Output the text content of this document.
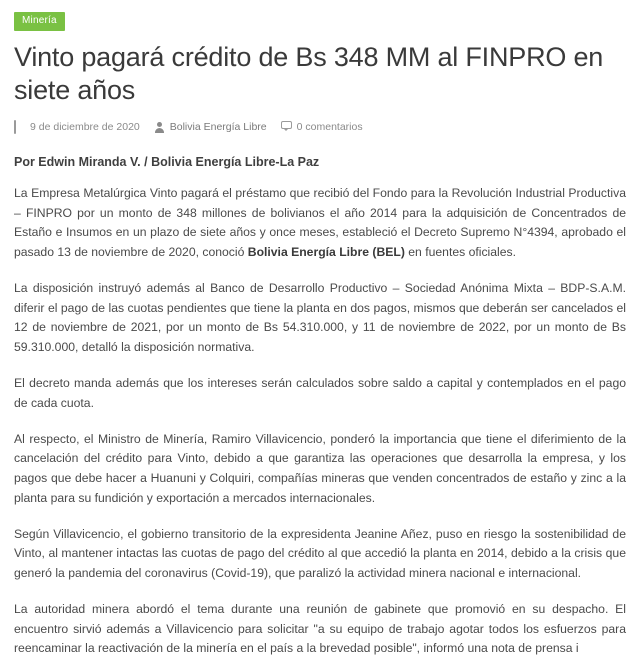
Minería
Vinto pagará crédito de Bs 348 MM al FINPRO en siete años
9 de diciembre de 2020	Bolivia Energía Libre	0 comentarios
Por Edwin Miranda V. / Bolivia Energía Libre-La Paz

La Empresa Metalúrgica Vinto pagará el préstamo que recibió del Fondo para la Revolución Industrial Productiva – FINPRO por un monto de 348 millones de bolivianos el año 2014 para la adquisición de Concentrados de Estaño e Insumos en un plazo de siete años y once meses, estableció el Decreto Supremo N°4394, aprobado el pasado 13 de noviembre de 2020, conoció Bolivia Energía Libre (BEL) en fuentes oficiales.

La disposición instruyó además al Banco de Desarrollo Productivo – Sociedad Anónima Mixta – BDP-S.A.M. diferir el pago de las cuotas pendientes que tiene la planta en dos pagos, mismos que deberán ser cancelados el 12 de noviembre de 2021, por un monto de Bs 54.310.000, y 11 de noviembre de 2022, por un monto de Bs 59.310.000, detalló la disposición normativa.

El decreto manda además que los intereses serán calculados sobre saldo a capital y contemplados en el pago de cada cuota.

Al respecto, el Ministro de Minería, Ramiro Villavicencio, ponderó la importancia que tiene el diferimiento de la cancelación del crédito para Vinto, debido a que garantiza las operaciones que desarrolla la empresa, y los pagos que debe hacer a Huanuni y Colquiri, compañías mineras que venden concentrados de estaño y zinc a la planta para su fundición y exportación a mercados internacionales.

Según Villavicencio, el gobierno transitorio de la expresidenta Jeanine Añez, puso en riesgo la sostenibilidad de Vinto, al mantener intactas las cuotas de pago del crédito al que accedió la planta en 2014, debido a la crisis que generó la pandemia del coronavirus (Covid-19), que paralizó la actividad minera nacional e internacional.

La autoridad minera abordó el tema durante una reunión de gabinete que promovió en su despacho. El encuentro sirvió además a Villavicencio para solicitar "a su equipo de trabajo agotar todos los esfuerzos para reencaminar la reactivación de la minería en el país a la brevedad posible", informó una nota de prensa i
